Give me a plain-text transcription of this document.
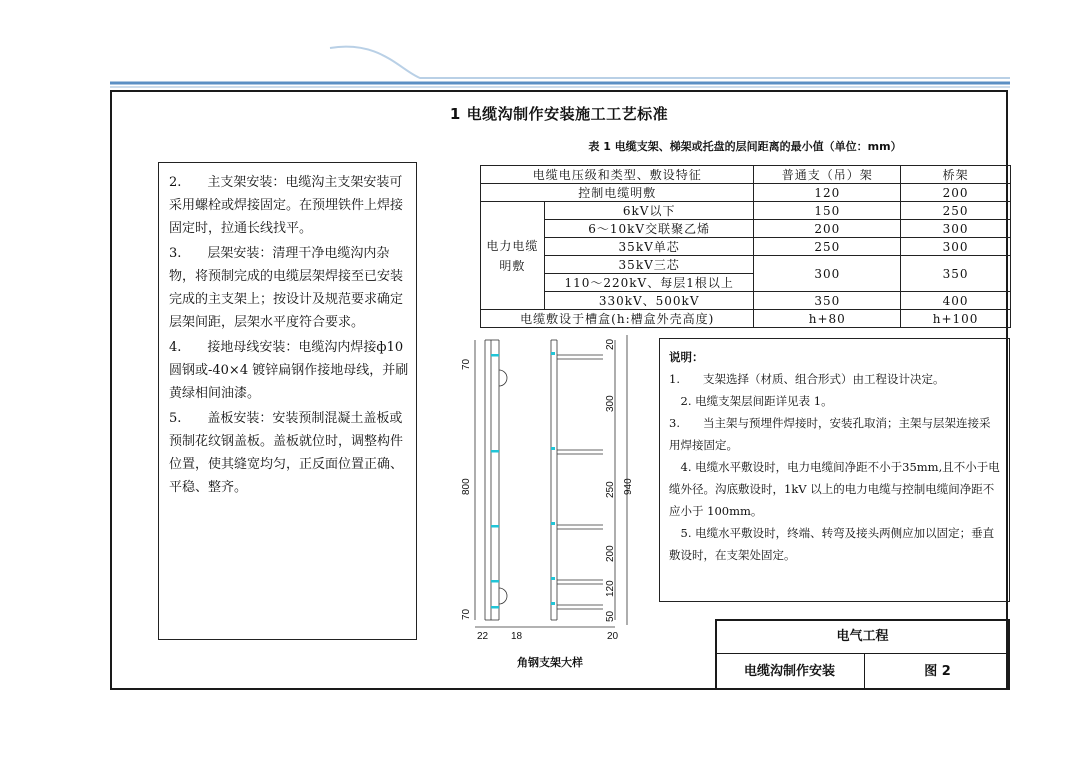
1 电缆沟制作安装施工工艺标准

2.　　主支架安装：电缆沟主支架安装可采用螺栓或焊接固定。在预埋铁件上焊接固定时，拉通长线找平。

3.　　层架安装：清理干净电缆沟内杂物，将预制完成的电缆层架焊接至已安装完成的主支架上；按设计及规范要求确定层架间距，层架水平度符合要求。

4.　　接地母线安装：电缆沟内焊接ф10 圆钢或-40×4 镀锌扁钢作接地母线，并刷黄绿相间油漆。

5.　　盖板安装：安装预制混凝土盖板或预制花纹钢盖板。盖板就位时，调整构件位置，使其缝宽均匀，正反面位置正确、平稳、整齐。

表 1 电缆支架、梯架或托盘的层间距离的最小值（单位：mm）
电缆电压级和类型、敷设特征		普通支（吊）架	桥架
控制电缆明敷		120	200
电力电缆明敷	6kV以下	150	250
	6～10kV交联聚乙烯	200	300
	35kV单芯	250	300
	35kV三芯	300	350
	110～220kV、每层1根以上		
	330kV、500kV	350	400
电缆敷设于槽盒(h:槽盒外壳高度)		h+80	h+100
70
800
70
20
300
250
200
120
50
940
22 18	20
角钢支架大样

说明：

1.　　支架选择（材质、组合形式）由工程设计决定。

　2. 电缆支架层间距详见表 1。

3.　　当主架与预埋件焊接时，安装孔取消；主架与层架连接采用焊接固定。

　4. 电缆水平敷设时，电力电缆间净距不小于35mm,且不小于电缆外径。沟底敷设时，1kV 以上的电力电缆与控制电缆间净距不应小于 100mm。

　5. 电缆水平敷设时，终端、转弯及接头两侧应加以固定；垂直敷设时，在支架处固定。

电气工程
电缆沟制作安装	图 2
